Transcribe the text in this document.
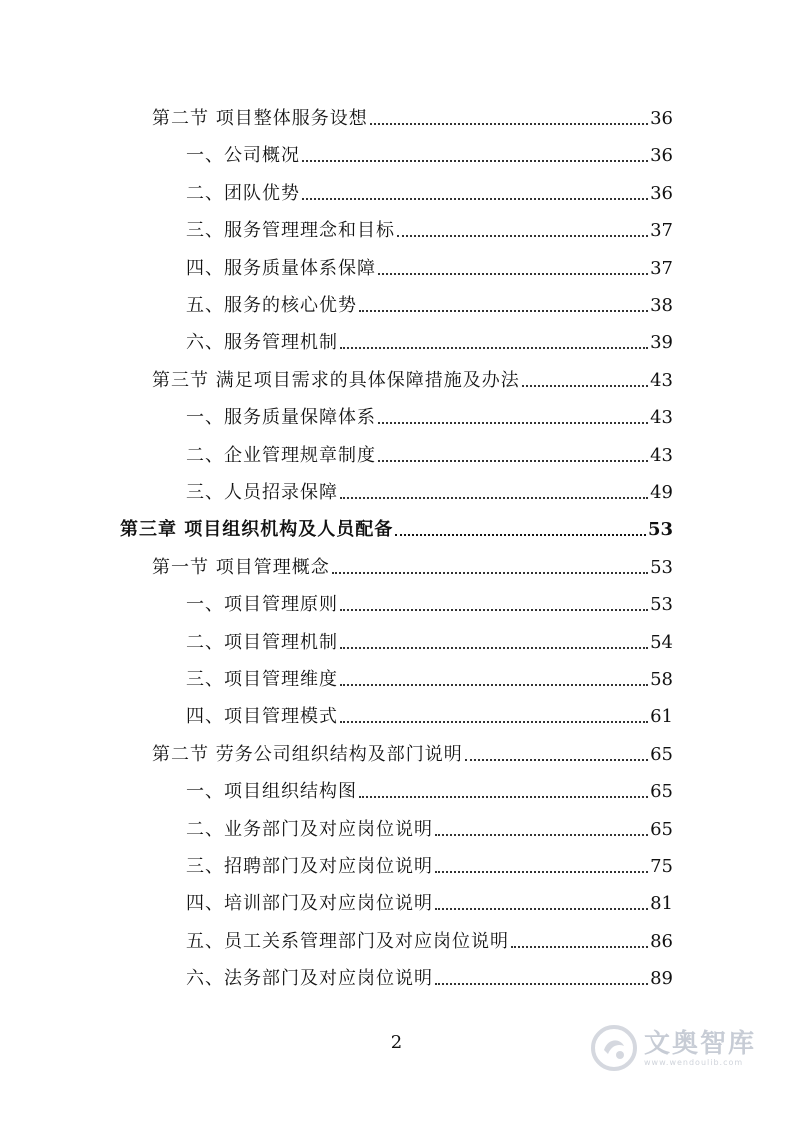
第二节 项目整体服务设想	36
一、公司概况	36
二、团队优势	36
三、服务管理理念和目标	37
四、服务质量体系保障	37
五、服务的核心优势	38
六、服务管理机制	39
第三节 满足项目需求的具体保障措施及办法	43
一、服务质量保障体系	43
二、企业管理规章制度	43
三、人员招录保障	49
第三章 项目组织机构及人员配备	53
第一节 项目管理概念	53
一、项目管理原则	53
二、项目管理机制	54
三、项目管理维度	58
四、项目管理模式	61
第二节 劳务公司组织结构及部门说明	65
一、项目组织结构图	65
二、业务部门及对应岗位说明	65
三、招聘部门及对应岗位说明	75
四、培训部门及对应岗位说明	81
五、员工关系管理部门及对应岗位说明	86
六、法务部门及对应岗位说明	89
2	文奥智库
www.wendoulib.com
